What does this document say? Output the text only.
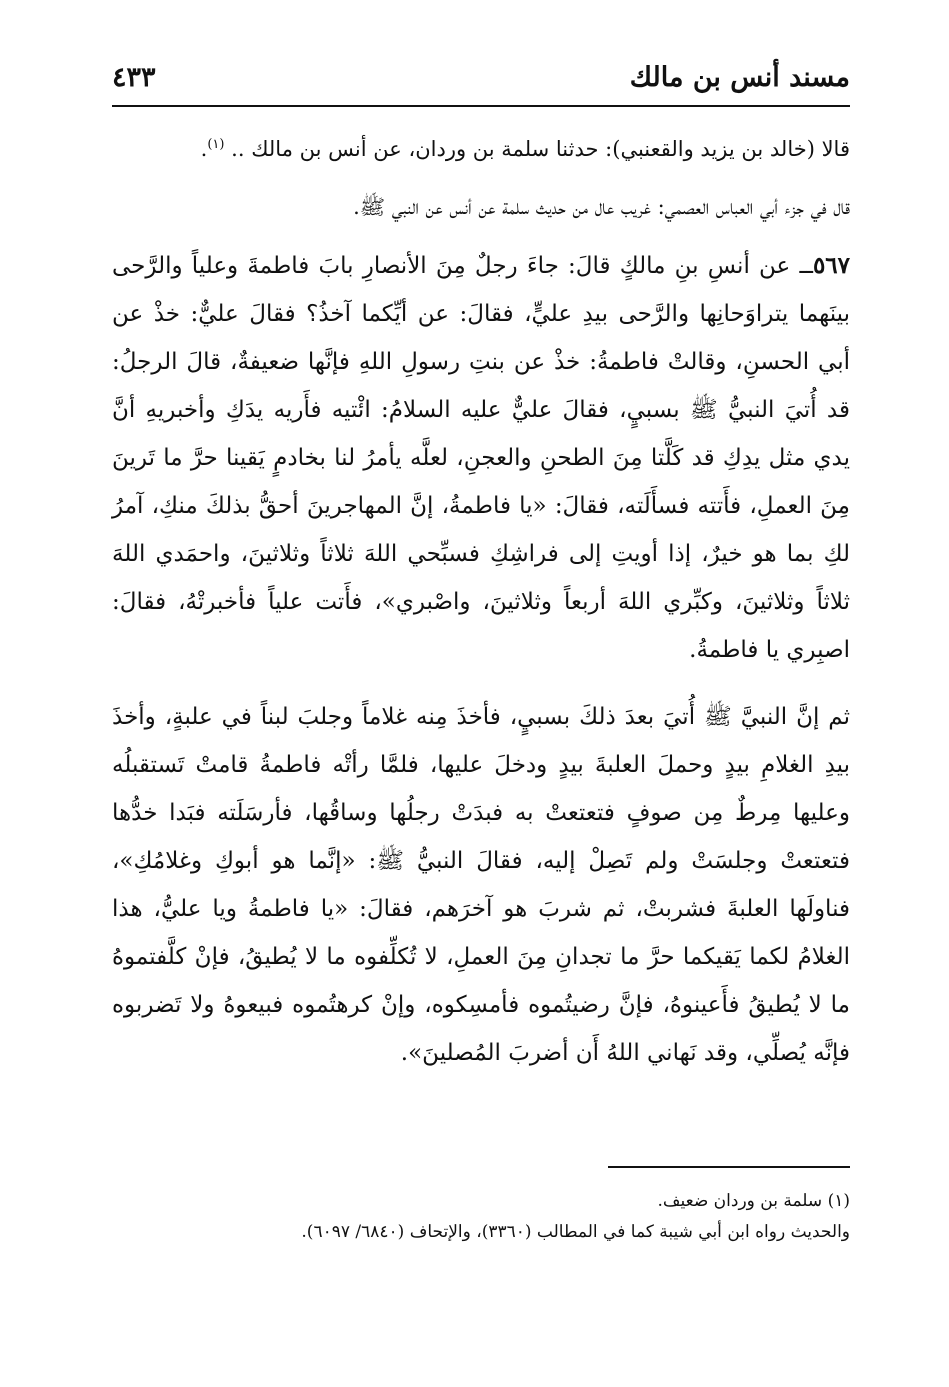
مسند أنس بن مالك
٤٣٣

قالا (خالد بن يزيد والقعنبي): حدثنا سلمة بن وردان، عن أنس بن مالك .. $^{(١)}$.

قال في جزء أبي العباس العصمي: غريب عال من حديث سلمة عن أنس عن النبي ﷺ.

٥٦٧ــ عن أنسِ بنِ مالكٍ قالَ: جاءَ رجلٌ مِنَ الأنصارِ بابَ فاطمةَ وعلياً والرَّحى بينَهما يتراوَحانِها والرَّحى بيدِ عليٍّ، فقالَ: عن أيِّكما آخذُ؟ فقالَ عليٌّ: خذْ عن أبي الحسنِ، وقالتْ فاطمةُ: خذْ عن بنتِ رسولِ اللهِ فإنَّها ضعيفةٌ، قالَ الرجلُ: قد أُتيَ النبيُّ ﷺ بسبيٍ، فقالَ عليٌّ عليه السلامُ: ائْتيه فأَريه يدَكِ وأخبريهِ أنَّ يدي مثل يدِكِ قد كَلَّتا مِنَ الطحنِ والعجنِ، لعلَّه يأمرُ لنا بخادمٍ يَقينا حرَّ ما تَرينَ مِنَ العملِ، فأَتته فسأَلَته، فقالَ: «يا فاطمةُ، إنَّ المهاجرينَ أحقُّ بذلكَ منكِ، آمرُ لكِ بما هو خيرٌ، إذا أويتِ إلى فراشِكِ فسبِّحي اللهَ ثلاثاً وثلاثينَ، واحمَدي اللهَ ثلاثاً وثلاثينَ، وكبِّري اللهَ أربعاً وثلاثينَ، واصْبري»، فأَتت علياً فأخبرتْهُ، فقالَ: اصبِري يا فاطمةُ.

ثم إنَّ النبيَّ ﷺ أُتيَ بعدَ ذلكَ بسبيٍ، فأخذَ مِنه غلاماً وجلبَ لبناً في علبةٍ، وأخذَ بيدِ الغلامِ بيدٍ وحملَ العلبةَ بيدٍ ودخلَ عليها، فلمَّا رأتْه فاطمةُ قامتْ تَستقبلُه وعليها مِرطٌ مِن صوفٍ فتعتعتْ به فبدَتْ رجلُها وساقُها، فأرسَلَته فبَدا خدُّها فتعتعتْ وجلسَتْ ولم تَصِلْ إليه، فقالَ النبيُّ ﷺ: «إنَّما هو أبوكِ وغلامُكِ»، فناولَها العلبةَ فشربتْ، ثم شربَ هو آخرَهم، فقالَ: «يا فاطمةُ ويا عليُّ، هذا الغلامُ لكما يَقيكما حرَّ ما تجدانِ مِنَ العملِ، لا تُكلِّفوه ما لا يُطيقُ، فإنْ كلَّفتموهُ ما لا يُطيقُ فأَعينوهُ، فإنَّ رضيتُموه فأمسِكوه، وإنْ كرهتُموه فبيعوهُ ولا تَضربوه فإنَّه يُصلِّي، وقد نَهاني اللهُ أَن أضربَ المُصلينَ».

(١) سلمة بن وردان ضعيف.

والحديث رواه ابن أبي شيبة كما في المطالب (٣٣٦٠)، والإتحاف (٦٨٤٠/ ٦٠٩٧).
